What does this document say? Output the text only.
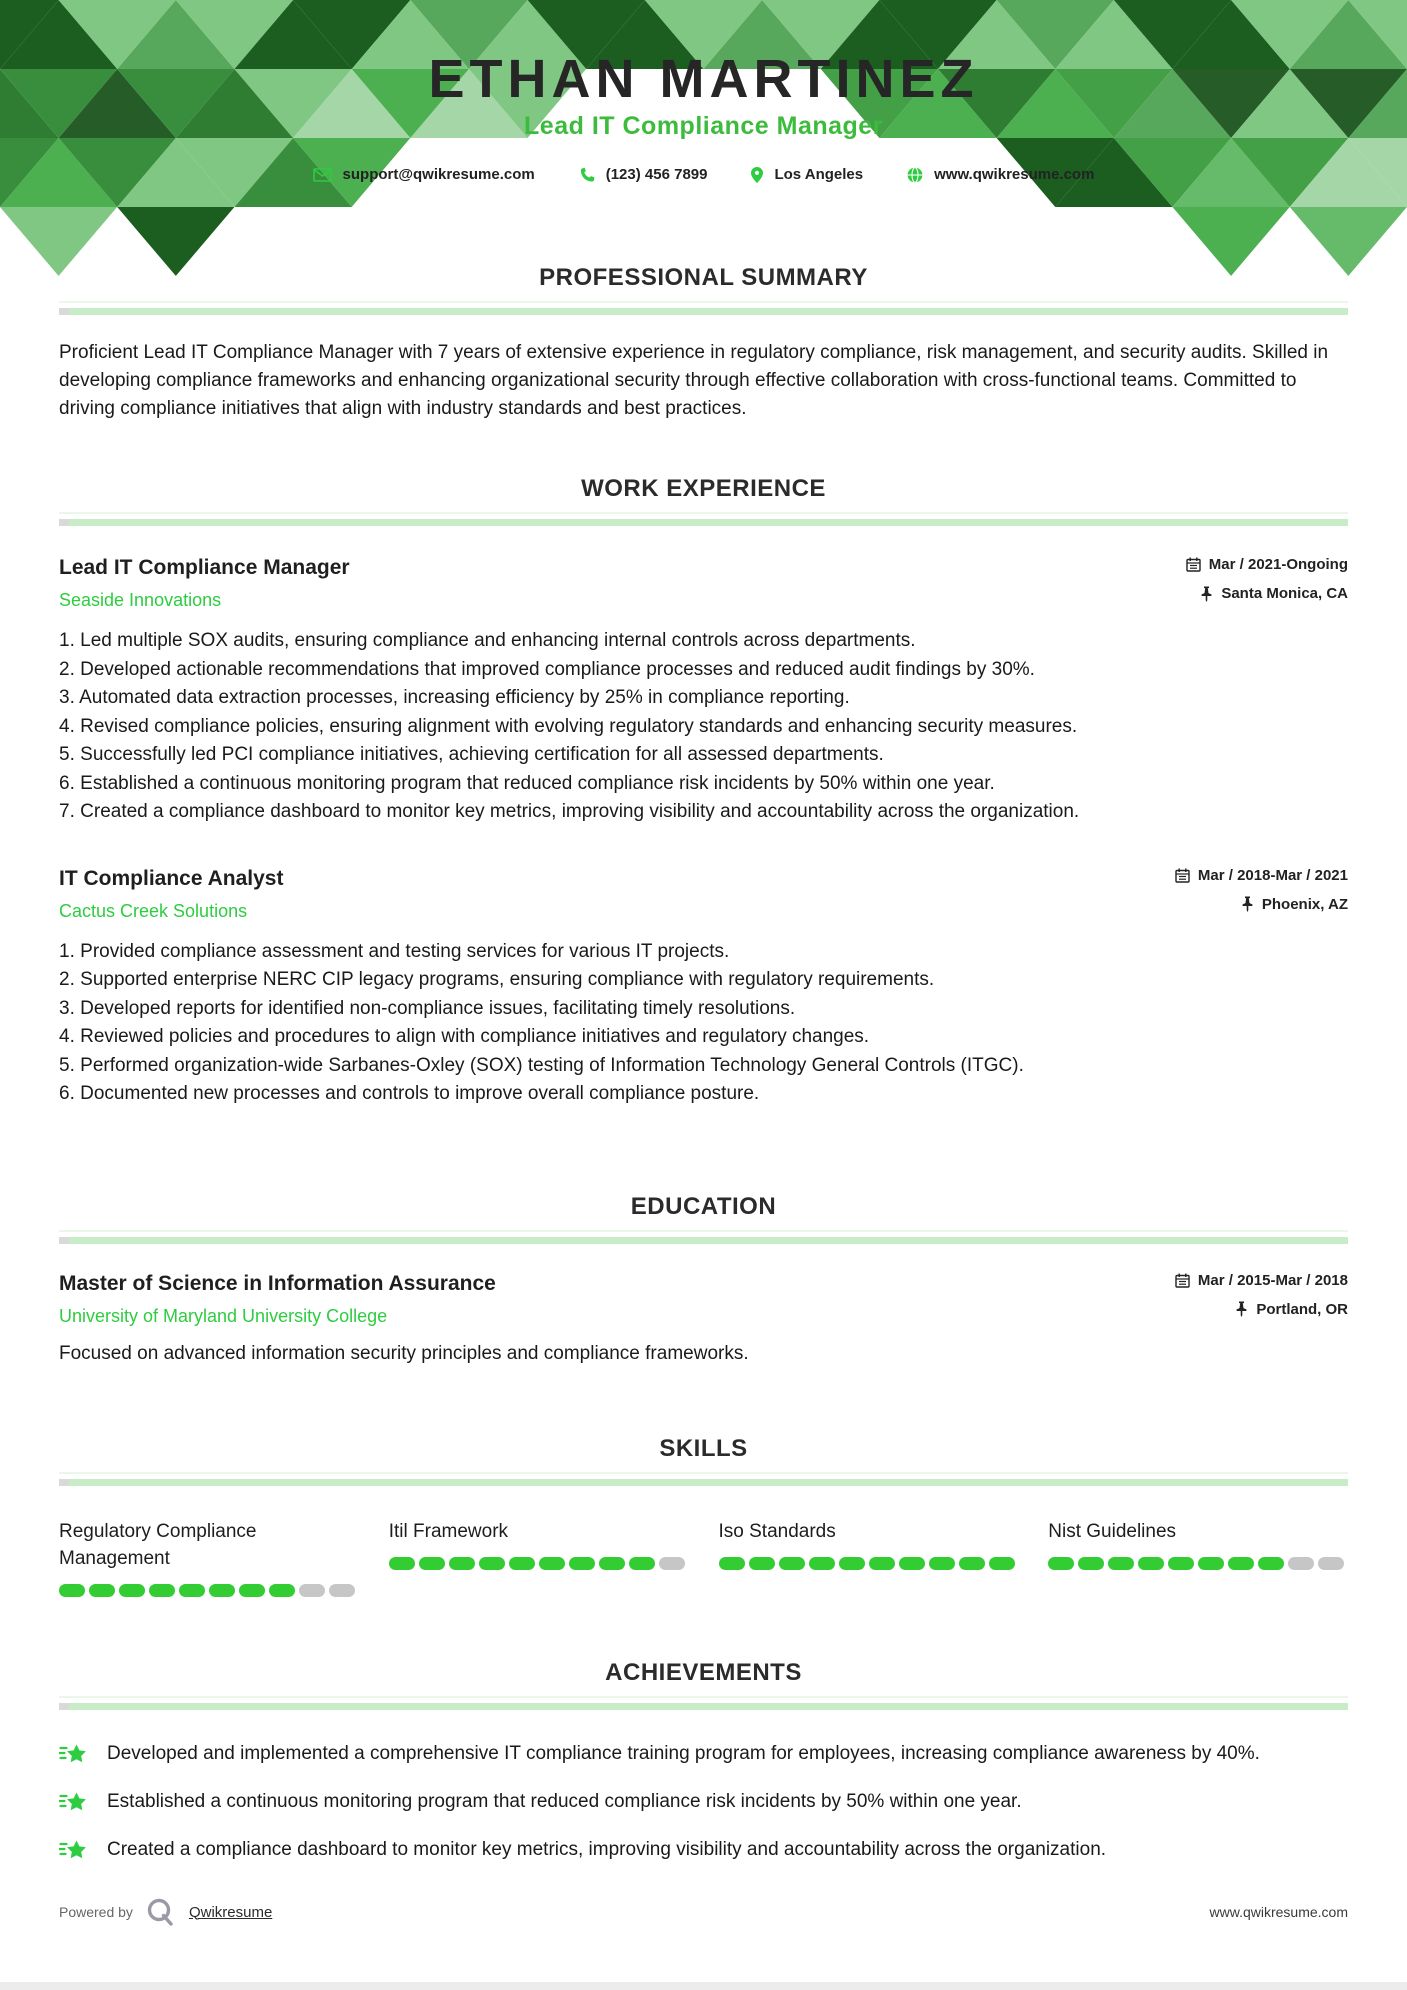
ETHAN MARTINEZ
Lead IT Compliance Manager
support@qwikresume.com	(123) 456 7899	Los Angeles	www.qwikresume.com
PROFESSIONAL SUMMARY

Proficient Lead IT Compliance Manager with 7 years of extensive experience in regulatory compliance, risk management, and security audits. Skilled in developing compliance frameworks and enhancing organizational security through effective collaboration with cross-functional teams. Committed to driving compliance initiatives that align with industry standards and best practices.

WORK EXPERIENCE
Lead IT Compliance Manager
Seaside Innovations
Mar / 2021-Ongoing
Santa Monica, CA
Led multiple SOX audits, ensuring compliance and enhancing internal controls across departments.
Developed actionable recommendations that improved compliance processes and reduced audit findings by 30%.
Automated data extraction processes, increasing efficiency by 25% in compliance reporting.
Revised compliance policies, ensuring alignment with evolving regulatory standards and enhancing security measures.
Successfully led PCI compliance initiatives, achieving certification for all assessed departments.
Established a continuous monitoring program that reduced compliance risk incidents by 50% within one year.
Created a compliance dashboard to monitor key metrics, improving visibility and accountability across the organization.
IT Compliance Analyst
Cactus Creek Solutions
Mar / 2018-Mar / 2021
Phoenix, AZ
Provided compliance assessment and testing services for various IT projects.
Supported enterprise NERC CIP legacy programs, ensuring compliance with regulatory requirements.
Developed reports for identified non-compliance issues, facilitating timely resolutions.
Reviewed policies and procedures to align with compliance initiatives and regulatory changes.
Performed organization-wide Sarbanes-Oxley (SOX) testing of Information Technology General Controls (ITGC).
Documented new processes and controls to improve overall compliance posture.
EDUCATION
Master of Science in Information Assurance
University of Maryland University College
Mar / 2015-Mar / 2018
Portland, OR

Focused on advanced information security principles and compliance frameworks.

SKILLS
Regulatory Compliance Management
Itil Framework	Iso Standards	Nist Guidelines
ACHIEVEMENTS
Developed and implemented a comprehensive IT compliance training program for employees, increasing compliance awareness by 40%.
Established a continuous monitoring program that reduced compliance risk incidents by 50% within one year.
Created a compliance dashboard to monitor key metrics, improving visibility and accountability across the organization.
Powered by	Qwikresume	www.qwikresume.com
